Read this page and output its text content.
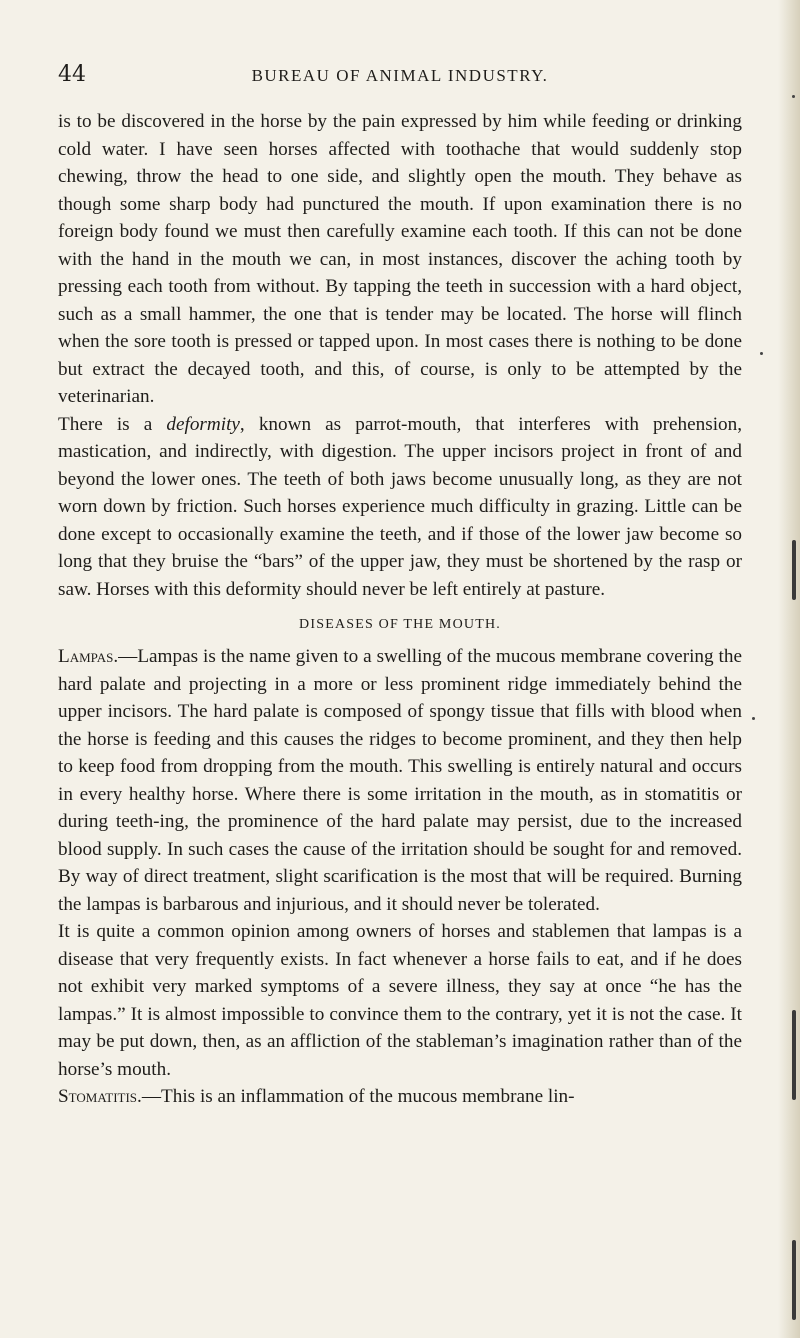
44	BUREAU OF ANIMAL INDUSTRY.

is to be discovered in the horse by the pain expressed by him while feeding or drinking cold water. I have seen horses affected with toothache that would suddenly stop chewing, throw the head to one side, and slightly open the mouth. They behave as though some sharp body had punctured the mouth. If upon examination there is no foreign body found we must then carefully examine each tooth. If this can not be done with the hand in the mouth we can, in most instances, discover the aching tooth by pressing each tooth from without. By tapping the teeth in succession with a hard object, such as a small hammer, the one that is tender may be located. The horse will flinch when the sore tooth is pressed or tapped upon. In most cases there is nothing to be done but extract the decayed tooth, and this, of course, is only to be attempted by the veterinarian.

There is a deformity, known as parrot-mouth, that interferes with prehension, mastication, and indirectly, with digestion. The upper incisors project in front of and beyond the lower ones. The teeth of both jaws become unusually long, as they are not worn down by friction. Such horses experience much difficulty in grazing. Little can be done except to occasionally examine the teeth, and if those of the lower jaw become so long that they bruise the “bars” of the upper jaw, they must be shortened by the rasp or saw. Horses with this deformity should never be left entirely at pasture.

DISEASES OF THE MOUTH.

Lampas.—Lampas is the name given to a swelling of the mucous membrane covering the hard palate and projecting in a more or less prominent ridge immediately behind the upper incisors. The hard palate is composed of spongy tissue that fills with blood when the horse is feeding and this causes the ridges to become prominent, and they then help to keep food from dropping from the mouth. This swelling is entirely natural and occurs in every healthy horse. Where there is some irritation in the mouth, as in stomatitis or during teeth-ing, the prominence of the hard palate may persist, due to the increased blood supply. In such cases the cause of the irritation should be sought for and removed. By way of direct treatment, slight scarification is the most that will be required. Burning the lampas is barbarous and injurious, and it should never be tolerated.

It is quite a common opinion among owners of horses and stablemen that lampas is a disease that very frequently exists. In fact whenever a horse fails to eat, and if he does not exhibit very marked symptoms of a severe illness, they say at once “he has the lampas.” It is almost impossible to convince them to the contrary, yet it is not the case. It may be put down, then, as an affliction of the stableman’s imagination rather than of the horse’s mouth.

Stomatitis.—This is an inflammation of the mucous membrane lin-
